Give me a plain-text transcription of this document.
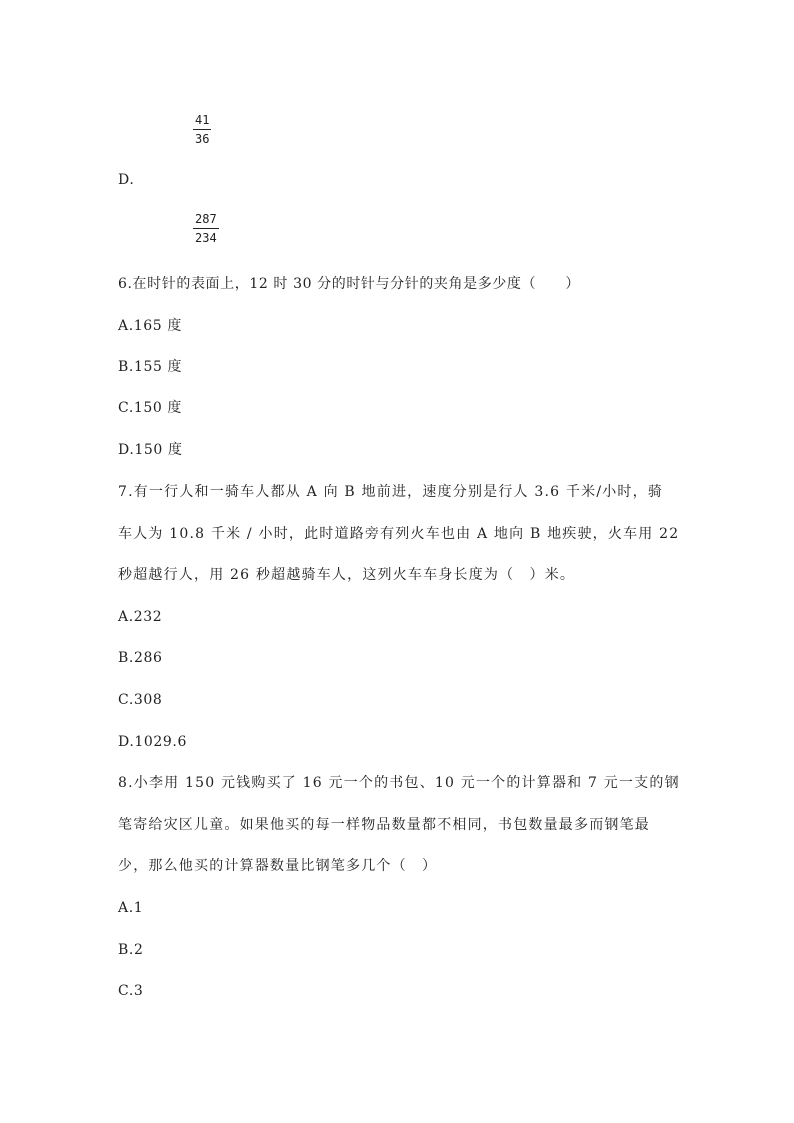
41
36
D.
287
234
6.在时针的表面上，12 时 30 分的时针与分针的夹角是多少度（　　）
A.165 度
B.155 度
C.150 度
D.150 度
7.有一行人和一骑车人都从 A 向 B 地前进，速度分别是行人 3.6 千米/小时，骑
车人为 10.8 千米 / 小时，此时道路旁有列火车也由 A 地向 B 地疾驶，火车用 22
秒超越行人，用 26 秒超越骑车人，这列火车车身长度为（　）米。
A.232
B.286
C.308
D.1029.6
8.小李用 150 元钱购买了 16 元一个的书包、10 元一个的计算器和 7 元一支的钢
笔寄给灾区儿童。如果他买的每一样物品数量都不相同，书包数量最多而钢笔最
少，那么他买的计算器数量比钢笔多几个（　）
A.1
B.2
C.3
